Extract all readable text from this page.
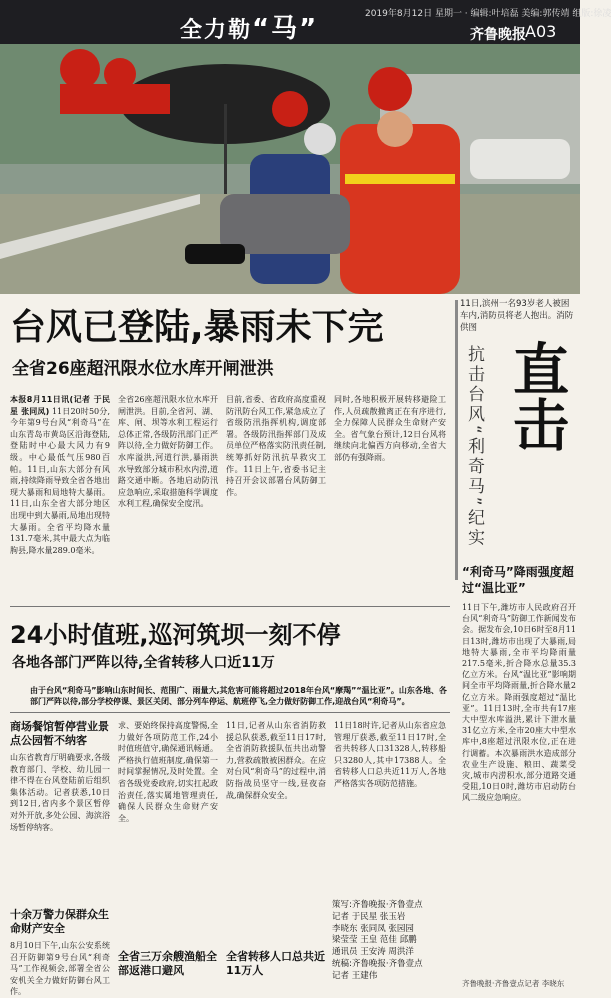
全力勒“马”	2019年8月12日 星期一 · 编辑:叶培磊 美编:郭传靖 组版:徐凌
齐鲁晚报 A03
11日,滨州一名93岁老人被困车内,消防员将老人抱出。消防供图
直击
抗击台风“利奇马”纪实
“利奇马”降雨强度超过“温比亚”
11日下午,潍坊市人民政府召开台风“利奇马”防御工作新闻发布会。据发布会,10日6时至8月11日13时,潍坊市出现了大暴雨,局地特大暴雨,全市平均降雨量217.5毫米,折合降水总量35.3亿立方米。台风“温比亚”影响期间全市平均降雨量,折合降水量2亿立方米。降雨强度超过“温比亚”。11日13时,全市共有17座大中型水库溢洪,累计下泄水量31亿立方米,全市20座大中型水库中,8座超过汛限水位,正在进行调蓄。本次暴雨洪水造成部分农业生产设施、粮田、蔬菜受灾,城市内涝积水,部分道路交通受阻,10日0时,潍坊市启动防台风二级应急响应。
齐鲁晚报·齐鲁壹点记者 李晓东
台风已登陆,暴雨未下完
全省26座超汛限水位水库开闸泄洪
本报8月11日讯(记者 于民星 张同凤) 11日20时50分,今年第9号台风“利奇马”在山东青岛市黄岛区沿海登陆,登陆时中心最大风力有9级。中心最低气压980百帕。11日,山东大部分有风雨,持续降雨导致全省各地出现大暴雨和局地特大暴雨。11日,山东全省大部分地区出现中到大暴雨,局地出现特大暴雨。全省平均降水量131.7毫米,其中最大点为临朐县,降水量289.0毫米。
全省26座超汛限水位水库开闸泄洪。目前,全省河、湖、库、闸、坝等水利工程运行总体正常,各级防汛部门正严阵以待,全力做好防御工作。水库溢洪,河道行洪,暴雨洪水导致部分城市积水内涝,道路交通中断。各地启动防汛应急响应,采取措施科学调度水利工程,确保安全度汛。
目前,省委、省政府高度重视防汛防台风工作,紧急成立了省级防汛指挥机构,调度部署。各级防汛指挥部门及成员单位严格落实防汛责任制,统筹抓好防汛抗旱救灾工作。11日上午,省委书记主持召开会议部署台风防御工作。
同时,各地积极开展转移避险工作,人员疏散撤离正在有序进行,全力保障人民群众生命财产安全。省气象台预计,12日台风将继续向北偏西方向移动,全省大部仍有强降雨。
24小时值班,巡河筑坝一刻不停
各地各部门严阵以待,全省转移人口近11万
由于台风“利奇马”影响山东时间长、范围广、雨量大,其危害可能将超过2018年台风“摩羯”“温比亚”。山东各地、各部门严阵以待,部分学校停课、景区关闭、部分列车停运、航班停飞,全力做好防御工作,迎战台风“利奇马”。
商场餐馆暂停营业景点公园暂不纳客
山东省教育厅明确要求,各级教育部门、学校、幼儿园一律不得在台风登陆前后组织集体活动。记者获悉,10日到12日,省内多个景区暂停对外开放,多处公园、海滨浴场暂停纳客。
十余万警力保群众生命财产安全
8月10日下午,山东公安系统召开防御第9号台风“利奇马”工作视频会,部署全省公安机关全力做好防御台风工作。
求、要始终保持高度警惕,全力做好各项防范工作,24小时值班值守,确保通讯畅通。严格执行值班制度,确保第一时间掌握情况,及时处置。全省各级党委政府,切实扛起政治责任,落实属地管理责任,确保人民群众生命财产安全。
全省三万余艘渔船全部返港口避风
11日,记者从山东省消防救援总队获悉,截至11日17时,全省消防救援队伍共出动警力,营救疏散被困群众。在应对台风“利奇马”的过程中,消防指战员坚守一线,昼夜奋战,确保群众安全。
全省转移人口总共近11万人
11日18时许,记者从山东省应急管理厅获悉,截至11日17时,全省共转移人口31328人,转移船只3280人,其中17388人。全省转移人口总共近11万人,各地严格落实各项防范措施。
策写:齐鲁晚报·齐鲁壹点
记者 于民星 张玉岩
李晓东 张同凤 张园园
梁莹莹 王皇 范佳 邱鹏
通讯员 王安涛 周洪洋
统稿:齐鲁晚报·齐鲁壹点
记者 王建伟
